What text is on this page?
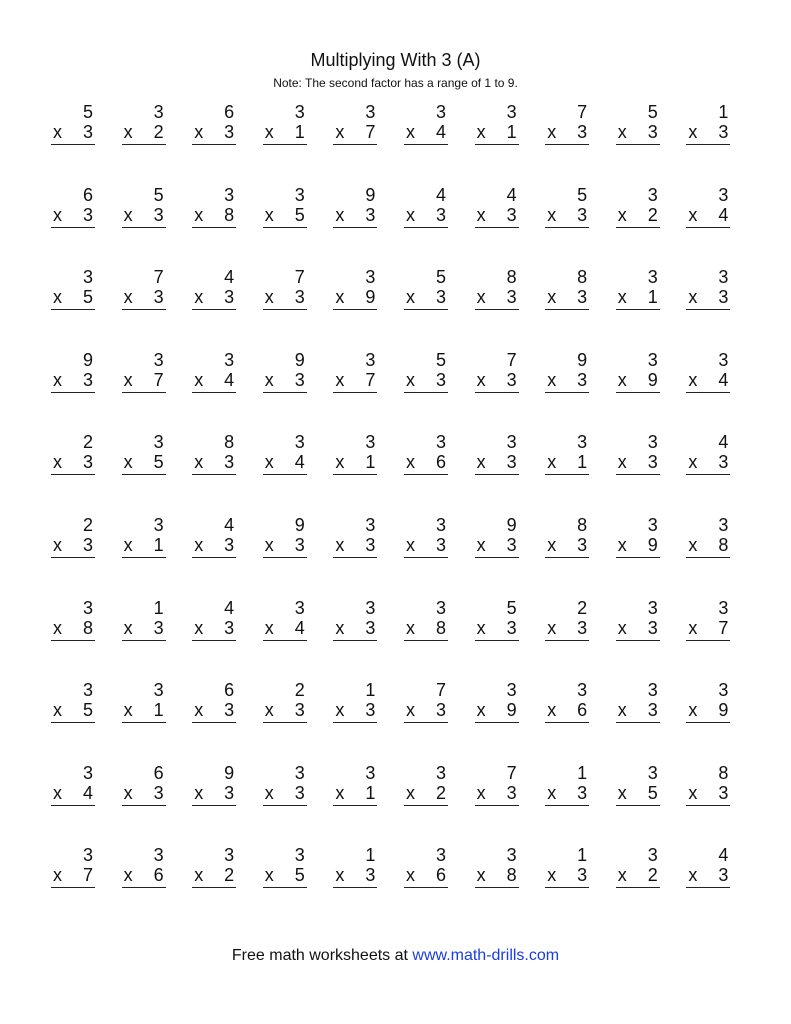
Multiplying With 3 (A)
Note: The second factor has a range of 1 to 9.
5
x 3
3
x 2
6
x 3
3
x 1
3
x 7
3
x 4
3
x 1
7
x 3
5
x 3
1
x 3
6
x 3
5
x 3
3
x 8
3
x 5
9
x 3
4
x 3
4
x 3
5
x 3
3
x 2
3
x 4
3
x 5
7
x 3
4
x 3
7
x 3
3
x 9
5
x 3
8
x 3
8
x 3
3
x 1
3
x 3
9
x 3
3
x 7
3
x 4
9
x 3
3
x 7
5
x 3
7
x 3
9
x 3
3
x 9
3
x 4
2
x 3
3
x 5
8
x 3
3
x 4
3
x 1
3
x 6
3
x 3
3
x 1
3
x 3
4
x 3
2
x 3
3
x 1
4
x 3
9
x 3
3
x 3
3
x 3
9
x 3
8
x 3
3
x 9
3
x 8
3
x 8
1
x 3
4
x 3
3
x 4
3
x 3
3
x 8
5
x 3
2
x 3
3
x 3
3
x 7
3
x 5
3
x 1
6
x 3
2
x 3
1
x 3
7
x 3
3
x 9
3
x 6
3
x 3
3
x 9
3
x 4
6
x 3
9
x 3
3
x 3
3
x 1
3
x 2
7
x 3
1
x 3
3
x 5
8
x 3
3
x 7
3
x 6
3
x 2
3
x 5
1
x 3
3
x 6
3
x 8
1
x 3
3
x 2
4
x 3
Free math worksheets at www.math-drills.com
